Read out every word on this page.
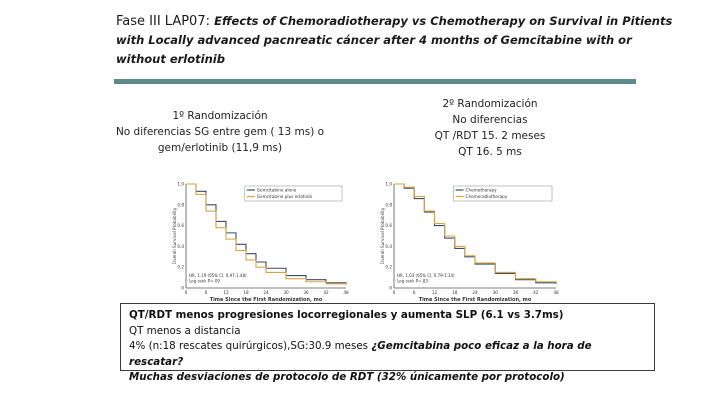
Fase III LAP07: Effects of Chemoradiotherapy vs Chemotherapy on Survival in Pitients with Locally advanced pacnreatic cáncer after 4 months of Gemcitabine with or without erlotinib
1º Randomización
No diferencias SG entre gem ( 13 ms) o
gem/erlotinib (11,9 ms)
2º Randomización
No diferencias
QT /RDT 15. 2 meses
QT 16. 5 ms
Overall Survival Probability
0
0.2
0.4
0.6
0.8
1.0
0	6	12	18	24	30	36	42	48
Time Since the First Randomization, mo
Gemcitabine alone
Gemcitabine plus erlotinib
HR, 1.19 (95% CI, 0.97-1.48)
Log-rank P=.09
Overall Survival Probability
0
0.2
0.4
0.6
0.8
1.0
0	6	12	18	24	30	36	42	48
Time Since the First Randomization, mo
Chemotherapy
Chemoradiotherapy
HR, 1.03 (95% CI, 0.79-1.34)
Log-rank P=.83
QT/RDT menos progresiones locorregionales y aumenta SLP (6.1 vs 3.7ms)
QT menos a distancia
4% (n:18 rescates quirúrgicos),SG:30.9 meses ¿Gemcitabina poco eficaz a la hora de rescatar?
Muchas desviaciones de protocolo de RDT (32% únicamente por protocolo)
